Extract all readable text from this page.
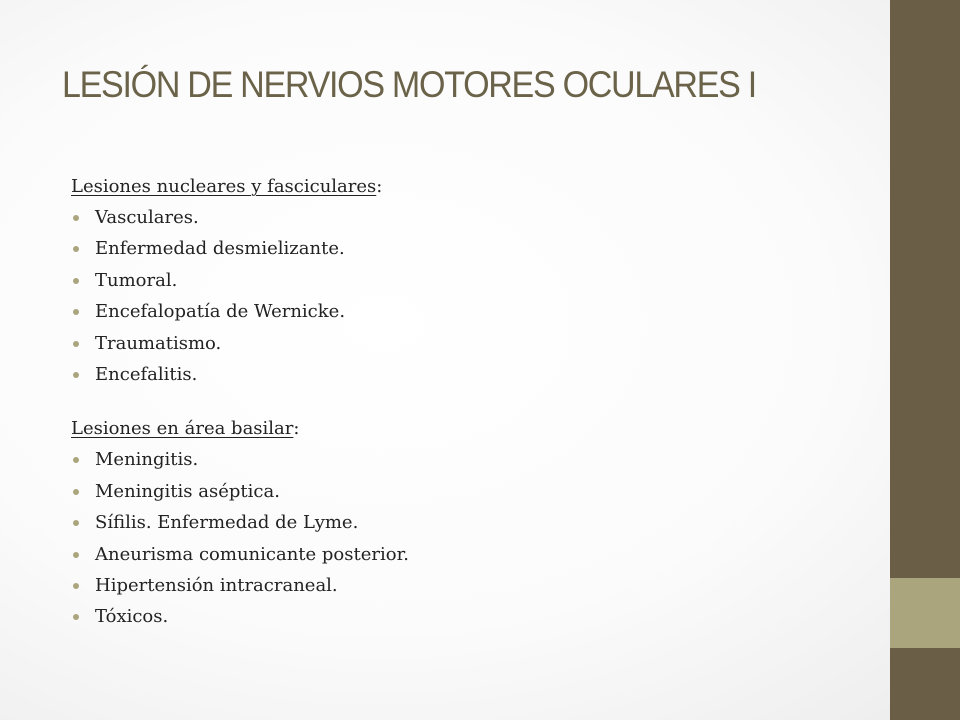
LESIÓN DE NERVIOS MOTORES OCULARES I
Lesiones nucleares y fasciculares:
Vasculares.
Enfermedad desmielizante.
Tumoral.
Encefalopatía de Wernicke.
Traumatismo.
Encefalitis.
Lesiones en área basilar:
Meningitis.
Meningitis aséptica.
Sífilis. Enfermedad de Lyme.
Aneurisma comunicante posterior.
Hipertensión intracraneal.
Tóxicos.
